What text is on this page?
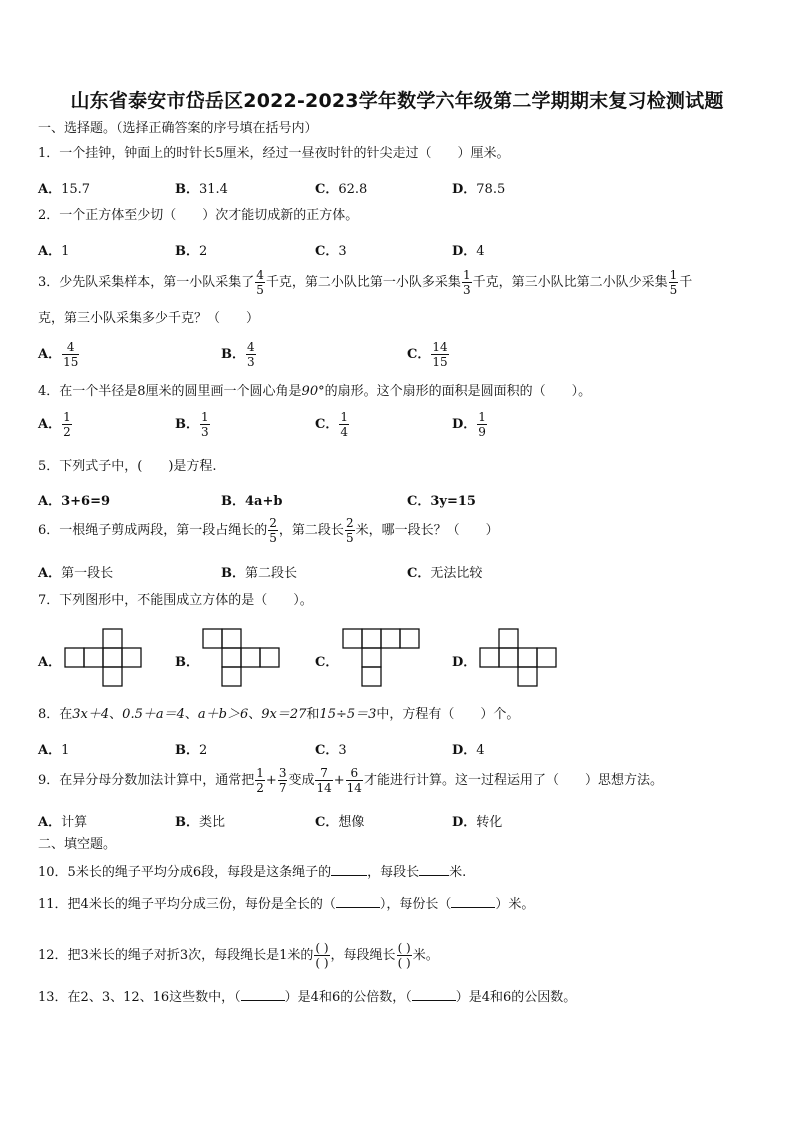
山东省泰安市岱岳区2022-2023学年数学六年级第二学期期末复习检测试题
一、选择题。（选择正确答案的序号填在括号内）
1．一个挂钟，钟面上的时针长5厘米，经过一昼夜时针的针尖走过（　　）厘米。
A．15.7	B．31.4	C．62.8	D．78.5
2．一个正方体至少切（　　）次才能切成新的正方体。
A．1	B．2	C．3	D．4
3．少先队采集样本，第一小队采集了 $\frac{4}{5}$ 千克，第二小队比第一小队多采集 $\frac{1}{3}$ 千克，第三小队比第二小队少采集 $\frac{1}{5}$ 千
克，第三小队采集多少千克？（　　）
A． $\frac{4}{15}$	B． $\frac{4}{3}$	C． $\frac{14}{15}$
4．在一个半径是8厘米的圆里画一个圆心角是90°的扇形。这个扇形的面积是圆面积的（　　）。
A． $\frac{1}{2}$	B． $\frac{1}{3}$	C． $\frac{1}{4}$	D． $\frac{1}{9}$
5．下列式子中，(　　)是方程.
A．3+6=9	B．4a+b	C．3y=15
6．一根绳子剪成两段，第一段占绳长的 $\frac{2}{5}$ ，第二段长 $\frac{2}{5}$ 米，哪一段长？（　　）
A．第一段长	B．第二段长	C．无法比较
7．下列图形中，不能围成立方体的是（　　）。
A．	B．	C．	D．
8．在3x＋4、0.5＋a＝4、a＋b＞6、9x＝27和15÷5＝3中，方程有（　　）个。
A．1	B．2	C．3	D．4
9．在异分母分数加法计算中，通常把 $\frac{1}{2} + \frac{3}{7}$ 变成 $\frac{7}{14} + \frac{6}{14}$ 才能进行计算。这一过程运用了（　　）思想方法。
A．计算	B．类比	C．想像	D．转化
二、填空题。
10．5米长的绳子平均分成6段，每段是这条绳子的	，每段长 米.
11．把4米长的绳子平均分成三份，每份是全长的（	），每份长（	）米。
12．把3米长的绳子对折3次，每段绳长是1米的 $\frac{( )}{( )}$ ，每段绳长 $\frac{( )}{( )}$ 米。
13．在2、3、12、16这些数中，（	）是4和6的公倍数，（	）是4和6的公因数。
